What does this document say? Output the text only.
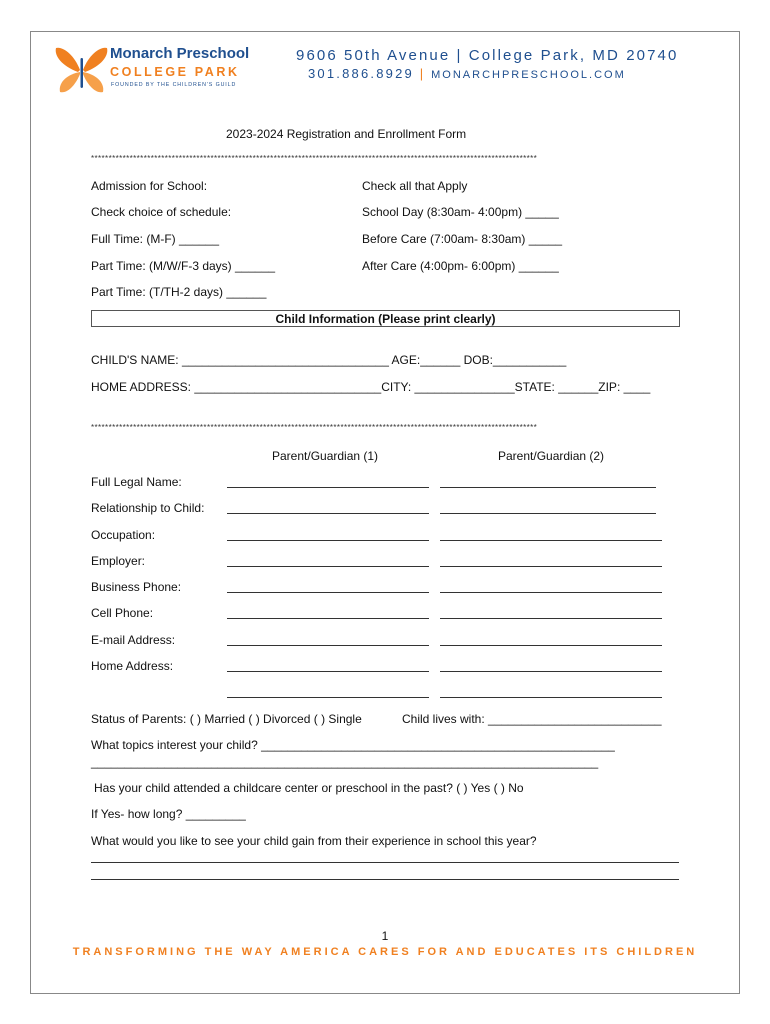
Monarch Preschool
COLLEGE PARK
FOUNDED BY THE CHILDREN'S GUILD
9606 50th Avenue | College Park, MD 20740
301.886.8929 | MONARCHPRESCHOOL.COM
2023-2024 Registration and Enrollment Form
*******************************************************************************************************************************
Admission for School:	Check all that Apply
Check choice of schedule:	School Day (8:30am- 4:00pm) _____
Full Time: (M-F) ______	Before Care (7:00am- 8:30am) _____
Part Time: (M/W/F-3 days) ______	After Care (4:00pm- 6:00pm) ______
Part Time: (T/TH-2 days) ______
Child Information (Please print clearly)
CHILD'S NAME: _______________________________ AGE:______ DOB:___________
HOME ADDRESS: ____________________________CITY: _______________STATE: ______ZIP: ____
*******************************************************************************************************************************
Parent/Guardian (1)	Parent/Guardian (2)
Full Legal Name:
Relationship to Child:
Occupation:
Employer:
Business Phone:
Cell Phone:
E-mail Address:
Home Address:
Status of Parents: ( ) Married ( ) Divorced ( ) Single	Child lives with: __________________________
What topics interest your child? _____________________________________________________
____________________________________________________________________________
Has your child attended a childcare center or preschool in the past? ( ) Yes ( ) No
If Yes- how long? _________
What would you like to see your child gain from their experience in school this year?
1
TRANSFORMING THE WAY AMERICA CARES FOR AND EDUCATES ITS CHILDREN
